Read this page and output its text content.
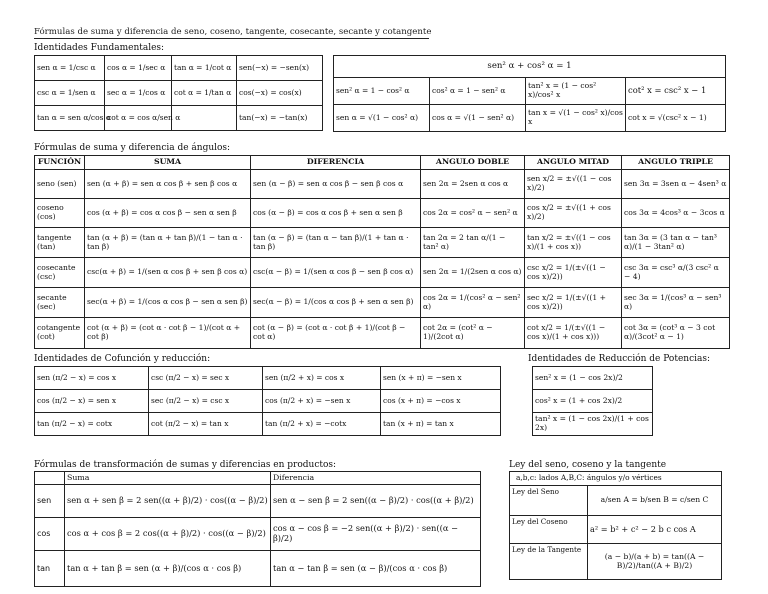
Fórmulas de suma y diferencia de seno, coseno, tangente, cosecante, secante y cotangente
Identidades Fundamentales:
sen α = 1/csc α	cos α = 1/sec α	tan α = 1/cot α	sen(−x) = −sen(x)
csc α = 1/sen α	sec α = 1/cos α	cot α = 1/tan α	cos(−x) = cos(x)
tan α = sen α/cos α	cot α = cos α/sen α		tan(−x) = −tan(x)
sen² α + cos² α = 1			
sen² α = 1 − cos² α	cos² α = 1 − sen² α	tan² x = (1 − cos² x)/cos² x	cot² x = csc² x − 1
sen α = √(1 − cos² α)	cos α = √(1 − sen² α)	tan x = √(1 − cos² x)/cos x	cot x = √(csc² x − 1)
Fórmulas de suma y diferencia de ángulos:
FUNCIÓN	SUMA	DIFERENCIA	ANGULO DOBLE	ANGULO MITAD	ANGULO TRIPLE
seno (sen)	sen (α + β) = sen α cos β + sen β cos α	sen (α − β) = sen α cos β − sen β cos α	sen 2α = 2sen α cos α	sen x/2 = ±√((1 − cos x)/2)	sen 3α = 3sen α − 4sen³ α
coseno (cos)	cos (α + β) = cos α cos β − sen α sen β	cos (α − β) = cos α cos β + sen α sen β	cos 2α = cos² α − sen² α	cos x/2 = ±√((1 + cos x)/2)	cos 3α = 4cos³ α − 3cos α
tangente (tan)	tan (α + β) = (tan α + tan β)/(1 − tan α · tan β)	tan (α − β) = (tan α − tan β)/(1 + tan α · tan β)	tan 2α = 2 tan α/(1 − tan² α)	tan x/2 = ±√((1 − cos x)/(1 + cos x))	tan 3α = (3 tan α − tan³ α)/(1 − 3tan² α)
cosecante (csc)	csc(α + β) = 1/(sen α cos β + sen β cos α)	csc(α − β) = 1/(sen α cos β − sen β cos α)	sen 2α = 1/(2sen α cos α)	csc x/2 = 1/(±√((1 − cos x)/2))	csc 3α = csc³ α/(3 csc² α − 4)
secante (sec)	sec(α + β) = 1/(cos α cos β − sen α sen β)	sec(α − β) = 1/(cos α cos β + sen α sen β)	cos 2α = 1/(cos² α − sen² α)	sec x/2 = 1/(±√((1 + cos x)/2))	sec 3α = 1/(cos³ α − sen³ α)
cotangente (cot)	cot (α + β) = (cot α · cot β − 1)/(cot α + cot β)	cot (α − β) = (cot α · cot β + 1)/(cot β − cot α)	cot 2α = (cot² α − 1)/(2cot α)	cot x/2 = 1/(±√((1 − cos x)/(1 + cos x)))	cot 3α = (cot³ α − 3 cot α)/(3cot² α − 1)
Identidades de Cofunción y reducción:
sen (π/2 − x) = cos x	csc (π/2 − x) = sec x	sen (π/2 + x) = cos x	sen (x + π) = −sen x
cos (π/2 − x) = sen x	sec (π/2 − x) = csc x	cos (π/2 + x) = −sen x	cos (x + π) = −cos x
tan (π/2 − x) = cotx	cot (π/2 − x) = tan x	tan (π/2 + x) = −cotx	tan (x + π) = tan x
Identidades de Reducción de Potencias:
sen² x = (1 − cos 2x)/2
cos² x = (1 + cos 2x)/2
tan² x = (1 − cos 2x)/(1 + cos 2x)
Fórmulas de transformación de sumas y diferencias en productos:
	Suma	Diferencia
sen	sen α + sen β = 2 sen((α + β)/2) · cos((α − β)/2)	sen α − sen β = 2 sen((α − β)/2) · cos((α + β)/2)
cos	cos α + cos β = 2 cos((α + β)/2) · cos((α − β)/2)	cos α − cos β = −2 sen((α + β)/2) · sen((α − β)/2)
tan	tan α + tan β = sen (α + β)/(cos α · cos β)	tan α − tan β = sen (α − β)/(cos α · cos β)
Ley del seno, coseno y la tangente
a,b,c: lados A,B,C: ángulos y/o vértices	
Ley del Seno	a/sen A = b/sen B = c/sen C
Ley del Coseno	a² = b² + c² − 2 b c cos A
Ley de la Tangente	(a − b)/(a + b) = tan((A − B)/2)/tan((A + B)/2)
